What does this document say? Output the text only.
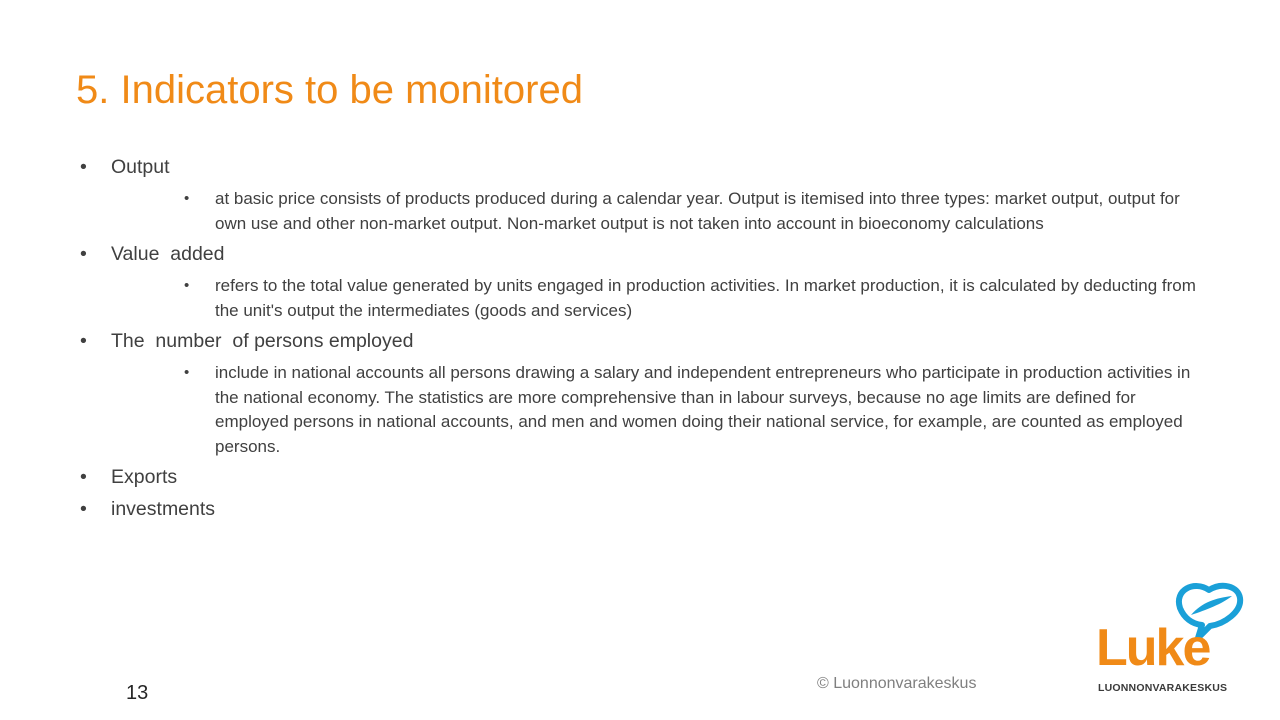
5. Indicators to be monitored
•	Output
•	at basic price consists of products produced during a calendar year. Output is itemised into three types: market output, output for own use and other non-market output. Non-market output is not taken into account in bioeconomy calculations
•	Value  added
•	refers to the total value generated by units engaged in production activities. In market production, it is calculated by deducting from the unit's output the intermediates (goods and services)
•	The  number  of persons employed
•	include in national accounts all persons drawing a salary and independent entrepreneurs who participate in production activities in the national economy. The statistics are more comprehensive than in labour surveys, because no age limits are defined for employed persons in national accounts, and men and women doing their national service, for example, are counted as employed persons.
•	Exports
•	investments
© Luonnonvarakeskus
13
Luke
LUONNONVARAKESKUS
